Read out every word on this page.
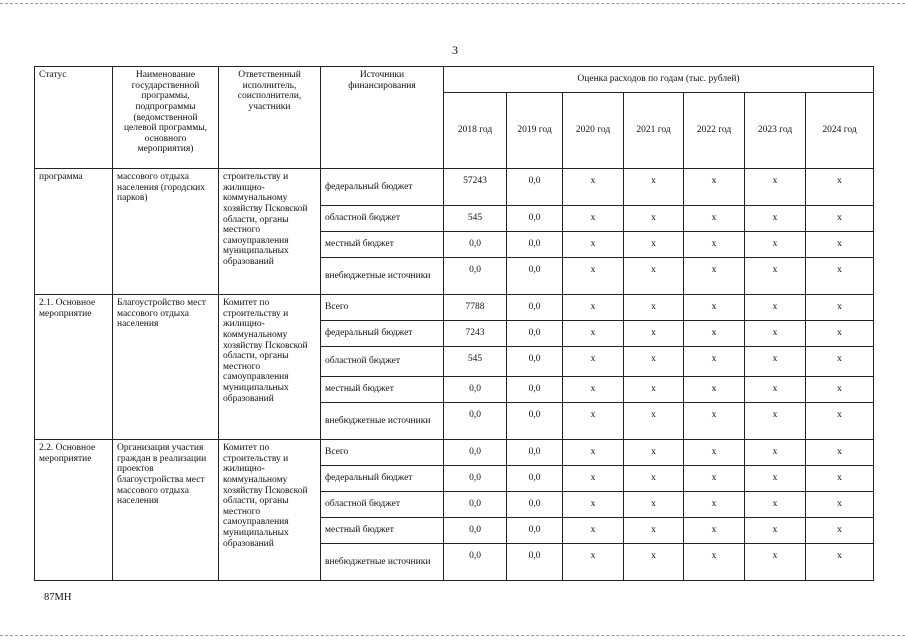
3
Статус	Наименование государственной программы, подпрограммы (ведомственной целевой программы, основного мероприятия)	Ответственный исполнитель, соисполнители, участники	Источники финансирования	Оценка расходов по годам (тыс. рублей)						
				2018 год	2019 год	2020 год	2021 год	2022 год	2023 год	2024 год
программа	массового отдыха населения (городских парков)	строительству и жилищно-коммунальному хозяйству Псковской области, органы местного самоуправления муниципальных образований	федеральный бюджет	57243	0,0	x	x	x	x	x
			областной бюджет	545	0,0	x	x	x	x	x
			местный бюджет	0,0	0,0	x	x	x	x	x
			внебюджетные источники	0,0	0,0	x	x	x	x	x
2.1. Основное мероприятие	Благоустройство мест массового отдыха населения	Комитет по строительству и жилищно-коммунальному хозяйству Псковской области, органы местного самоуправления муниципальных образований	Всего	7788	0,0	x	x	x	x	x
			федеральный бюджет	7243	0,0	x	x	x	x	x
			областной бюджет	545	0,0	x	x	x	x	x
			местный бюджет	0,0	0,0	x	x	x	x	x
			внебюджетные источники	0,0	0,0	x	x	x	x	x
2.2. Основное мероприятие	Организация участия граждан в реализации проектов благоустройства мест массового отдыха населения	Комитет по строительству и жилищно-коммунальному хозяйству Псковской области, органы местного самоуправления муниципальных образований	Всего	0,0	0,0	x	x	x	x	x
			федеральный бюджет	0,0	0,0	x	x	x	x	x
			областной бюджет	0,0	0,0	x	x	x	x	x
			местный бюджет	0,0	0,0	x	x	x	x	x
			внебюджетные источники	0,0	0,0	x	x	x	x	x
87МН
